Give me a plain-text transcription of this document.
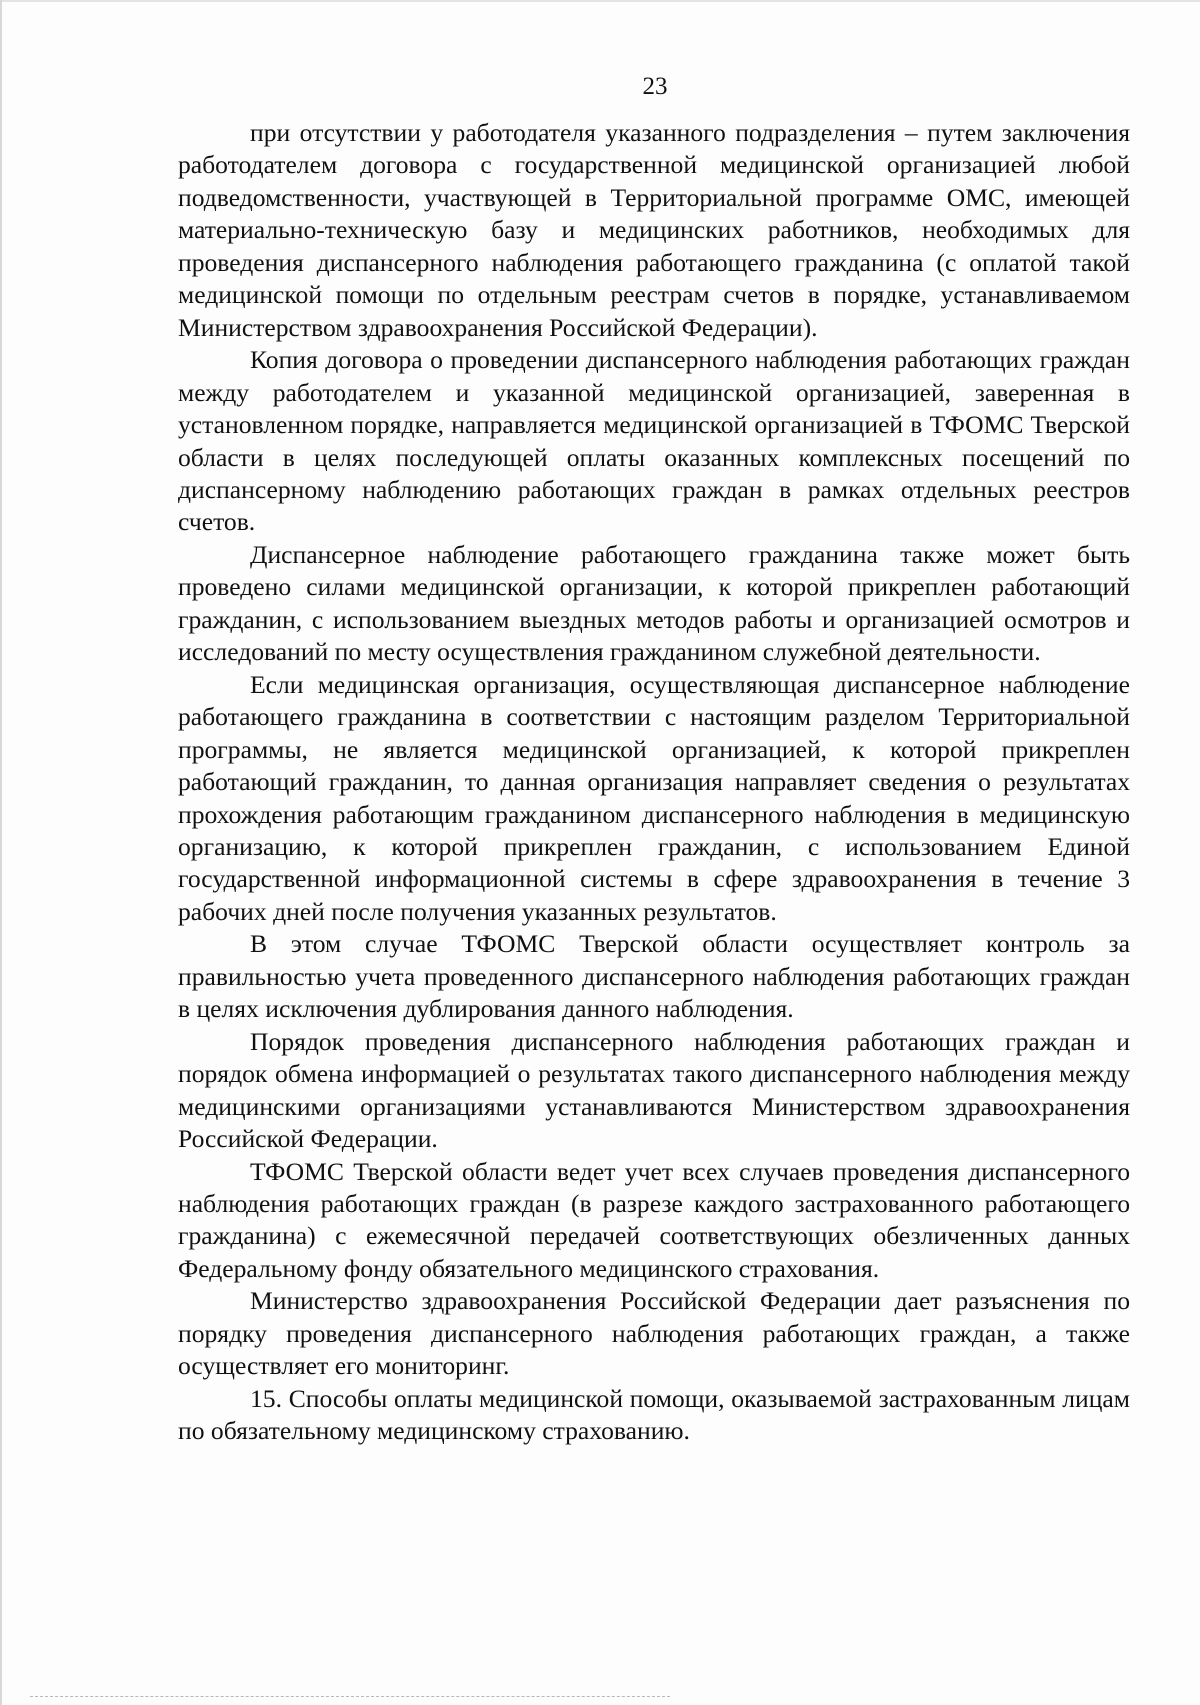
23

при отсутствии у работодателя указанного подразделения – путем заключения работодателем договора с государственной медицинской организацией любой подведомственности, участвующей в Территориальной программе ОМС, имеющей материально-техническую базу и медицинских работников, необходимых для проведения диспансерного наблюдения работающего гражданина (с оплатой такой медицинской помощи по отдельным реестрам счетов в порядке, устанавливаемом Министерством здравоохранения Российской Федерации).

Копия договора о проведении диспансерного наблюдения работающих граждан между работодателем и указанной медицинской организацией, заверенная в установленном порядке, направляется медицинской организацией в ТФОМС Тверской области в целях последующей оплаты оказанных комплексных посещений по диспансерному наблюдению работающих граждан в рамках отдельных реестров счетов.

Диспансерное наблюдение работающего гражданина также может быть проведено силами медицинской организации, к которой прикреплен работающий гражданин, с использованием выездных методов работы и организацией осмотров и исследований по месту осуществления гражданином служебной деятельности.

Если медицинская организация, осуществляющая диспансерное наблюдение работающего гражданина в соответствии с настоящим разделом Территориальной программы, не является медицинской организацией, к которой прикреплен работающий гражданин, то данная организация направляет сведения о результатах прохождения работающим гражданином диспансерного наблюдения в медицинскую организацию, к которой прикреплен гражданин, с использованием Единой государственной информационной системы в сфере здравоохранения в течение 3 рабочих дней после получения указанных результатов.

В этом случае ТФОМС Тверской области осуществляет контроль за правильностью учета проведенного диспансерного наблюдения работающих граждан в целях исключения дублирования данного наблюдения.

Порядок проведения диспансерного наблюдения работающих граждан и порядок обмена информацией о результатах такого диспансерного наблюдения между медицинскими организациями устанавливаются Министерством здравоохранения Российской Федерации.

ТФОМС Тверской области ведет учет всех случаев проведения диспансерного наблюдения работающих граждан (в разрезе каждого застрахованного работающего гражданина) с ежемесячной передачей соответствующих обезличенных данных Федеральному фонду обязательного медицинского страхования.

Министерство здравоохранения Российской Федерации дает разъяснения по порядку проведения диспансерного наблюдения работающих граждан, а также осуществляет его мониторинг.

15. Способы оплаты медицинской помощи, оказываемой застрахованным лицам по обязательному медицинскому страхованию.
